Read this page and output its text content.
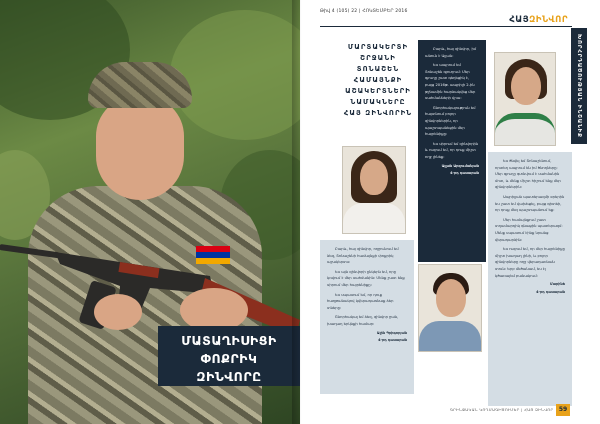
ՄԱՏԱՂԻՍԻՑԻ
ՓՈՔՐԻԿ
ԶԻՆՎՈՐԸ
Թիվ 4 (105) 22 | ՀՈԿՏԵՄԲԵՐ 2016
ՀԱՅԶԻՆՎՈՐ
ԽՈՐՀՐԴԱԾՈՒԹՅԱՆ ԻՆՇԱՆԻՔ
ՄԱՐՏԱԿԵՐՏԻ
ՇՐՋԱՆԻ
ՏՈՆԱՇԵՆ
ՀԱՄԱՅՆՔԻ
ԱՇԱԿԵՐՏՆԵՐԻ
ՆԱՄԱԿՆԵՐԸ
ՀԱՅ ԶԻՆՎՈՐԻՆ

Բարև, հայ զինվոր, իմ անուն է Ալլան։

Ես ապրում եմ Տոնաշեն գյուղում։ Մեր գյուղը շատ գեղեցիկ է, բայց 2016թ. ապրիլի 2-ին թշնամին հարձակվեց մեր սահմանների վրա։

Շնորհակալություն եմ հայտնում բոլոր զինվորներին, որ պաշտպանեցին մեր հայրենիքը։

Ես սիրում եմ զինվորին և ուզում եմ, որ դուք միշտ ողջ լինեք։

Ալլան Արզումանյան
4-րդ դասարան

Բարև, հայ զինվոր, ողջունում եմ ձեզ, Տոնաշենի համայնքի փոքրիկ աշակերտս։

Ես այն զինվորի ընկերն եմ, որը կռվում է մեր սահմանին։ Մենք շատ ենք սիրում մեր հայրենիքը։

Ես սպասում եմ, որ դուք հաղթանակով կվերադառնաք ձեր տները։

Շնորհակալ եմ ձեզ, զինվոր ջան, խաղաղ երկնքի համար։

Ալին Գրիգորյան
4-րդ դասարան

Ես ծնվել եմ Տոնաշենում, որտեղ ապրում են իմ ծնողները։ Մեր գյուղը գտնվում է սահմանին մոտ, և մենք միշտ հիշում ենք մեր զինվորներին։

Ապրիլյան պատերազմի օրերին ես շատ եմ վախեցել, բայց գիտեի, որ դուք մեզ պաշտպանում եք։

Մեր համայնքում շատ տղամարդիկ գնացին պատերազմ։ Մենք սպասում էինք նրանց վերադարձին։

Ես ուզում եմ, որ մեր հայրենիքը միշտ խաղաղ լինի, և բոլոր զինվորները ողջ վերադառնան տուն։ Երբ մեծանամ, ես էլ կծառայեմ բանակում։

Մարինե
4-րդ դասարան
ԳՐԻՆՋԱԿԱՆ ԿՈՂՄԱԳԻԾՈՒՄԵՐ | ՀԱՅ ԶԻՆՎՈՐ 59
